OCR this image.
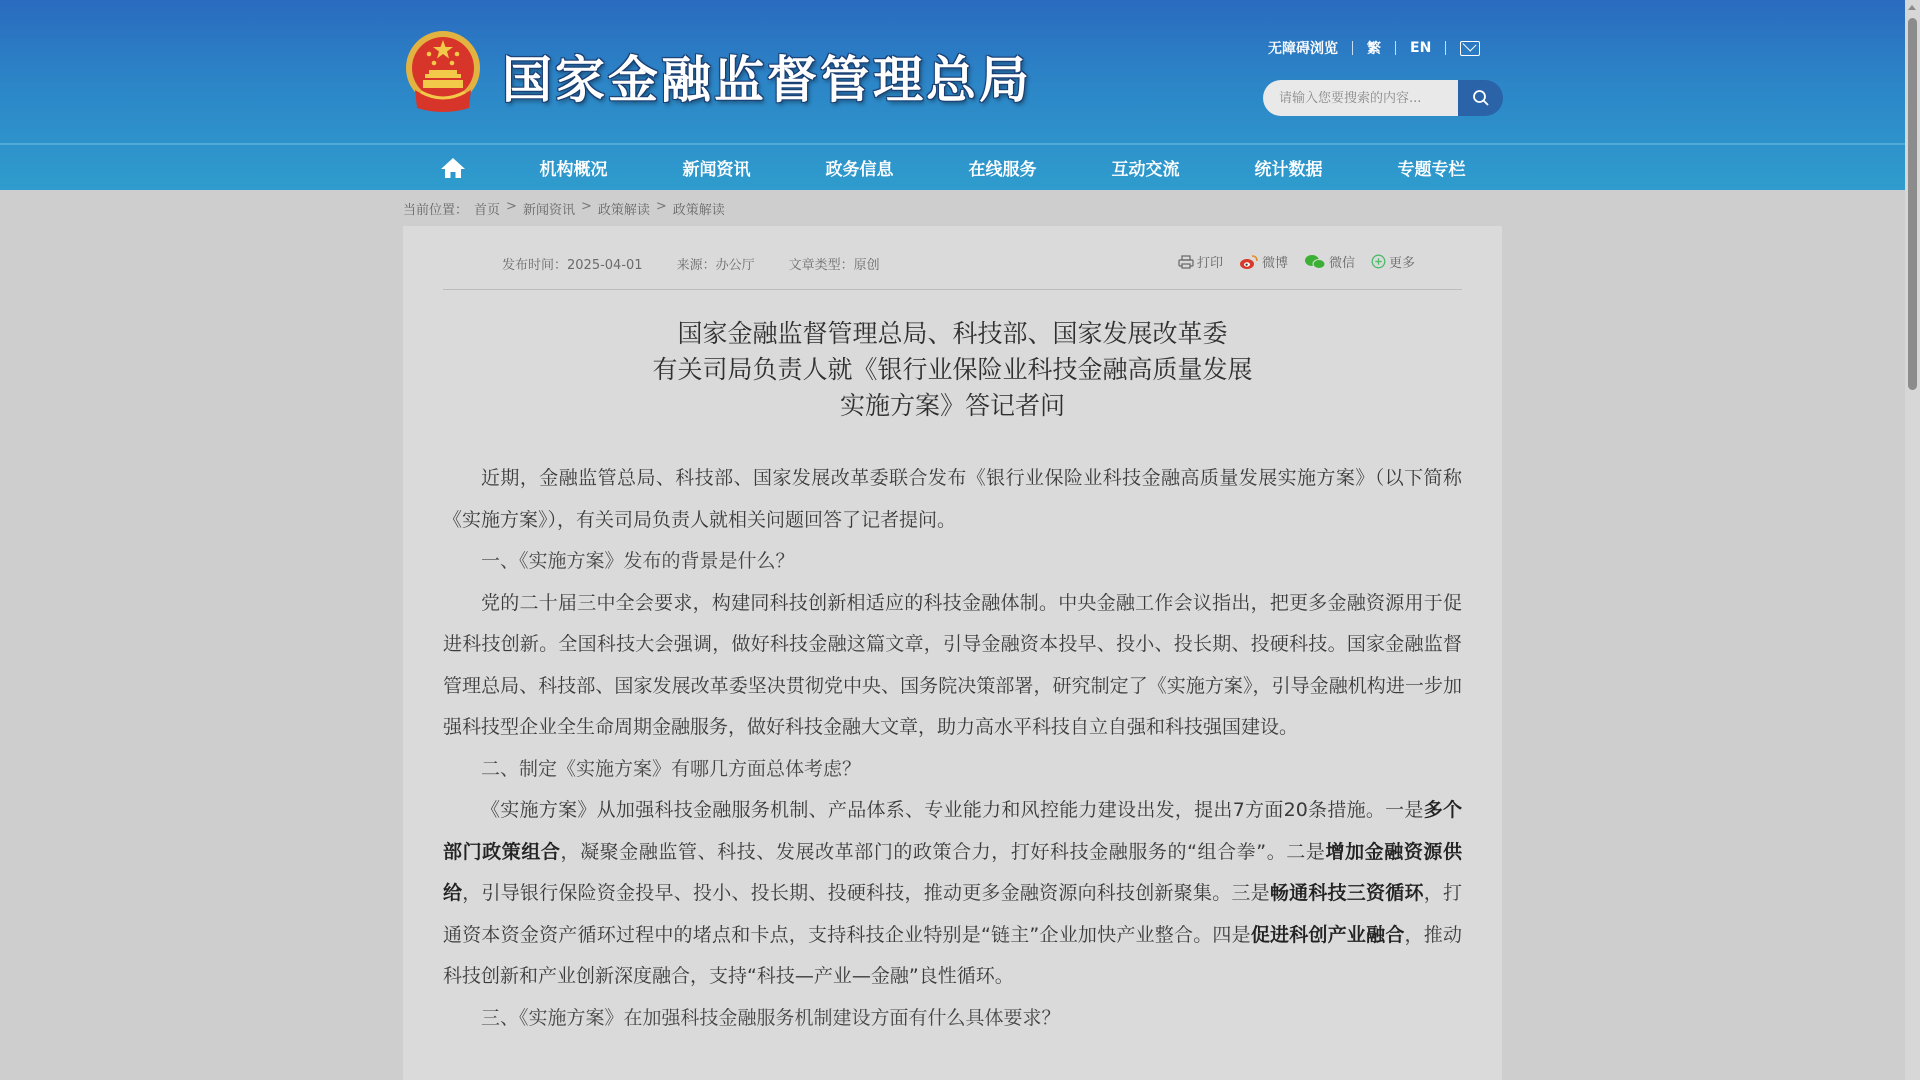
国家金融监督管理总局
无障碍浏览 繁 EN
请输入您要搜索的内容...
机构概况	新闻资讯	政务信息	在线服务	互动交流	统计数据	专题专栏
当前位置： 首页 > 新闻资讯 > 政策解读 > 政策解读
发布时间：2025-04-01	来源：办公厅	文章类型：原创	打印	微博	微信	更多
国家金融监督管理总局、科技部、国家发展改革委
有关司局负责人就《银行业保险业科技金融高质量发展
实施方案》答记者问

近期，金融监管总局、科技部、国家发展改革委联合发布《银行业保险业科技金融高质量发展实施方案》（以下简称《实施方案》），有关司局负责人就相关问题回答了记者提问。

一、《实施方案》发布的背景是什么？

党的二十届三中全会要求，构建同科技创新相适应的科技金融体制。中央金融工作会议指出，把更多金融资源用于促进科技创新。全国科技大会强调，做好科技金融这篇文章，引导金融资本投早、投小、投长期、投硬科技。国家金融监督管理总局、科技部、国家发展改革委坚决贯彻党中央、国务院决策部署，研究制定了《实施方案》，引导金融机构进一步加强科技型企业全生命周期金融服务，做好科技金融大文章，助力高水平科技自立自强和科技强国建设。

二、制定《实施方案》有哪几方面总体考虑？

《实施方案》从加强科技金融服务机制、产品体系、专业能力和风控能力建设出发，提出7方面20条措施。一是多个部门政策组合，凝聚金融监管、科技、发展改革部门的政策合力，打好科技金融服务的“组合拳”。二是增加金融资源供给，引导银行保险资金投早、投小、投长期、投硬科技，推动更多金融资源向科技创新聚集。三是畅通科技三资循环，打通资本资金资产循环过程中的堵点和卡点，支持科技企业特别是“链主”企业加快产业整合。四是促进科创产业融合，推动科技创新和产业创新深度融合，支持“科技—产业—金融”良性循环。

三、《实施方案》在加强科技金融服务机制建设方面有什么具体要求？
